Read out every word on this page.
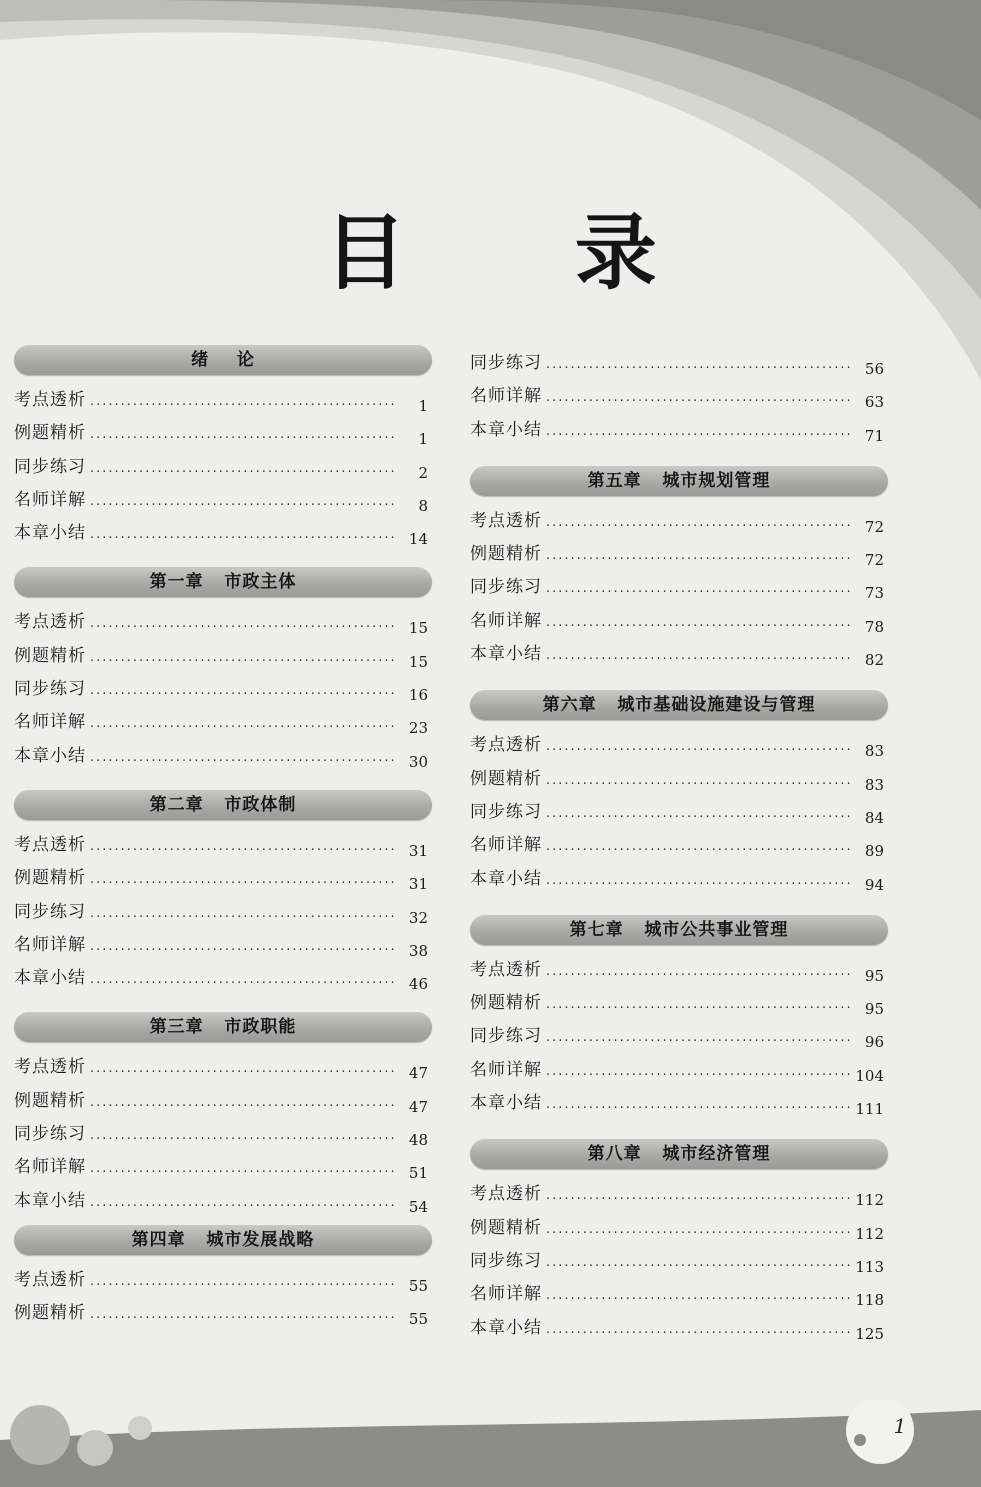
目 录
绪    论
考点透析 .....	1
例题精析 .....	1
同步练习 .....	2
名师详解 .....	8
本章小结 .....	14
第一章   市政主体
考点透析 .....	15
例题精析 .....	15
同步练习 .....	16
名师详解 .....	23
本章小结 .....	30
第二章   市政体制
考点透析 .....	31
例题精析 .....	31
同步练习 .....	32
名师详解 .....	38
本章小结 .....	46
第三章   市政职能
考点透析 .....	47
例题精析 .....	47
同步练习 .....	48
名师详解 .....	51
本章小结 .....	54
第四章   城市发展战略
考点透析 .....	55
例题精析 .....	55
同步练习 .....	56
名师详解 .....	63
本章小结 .....	71
第五章   城市规划管理
考点透析 .....	72
例题精析 .....	72
同步练习 .....	73
名师详解 .....	78
本章小结 .....	82
第六章   城市基础设施建设与管理
考点透析 .....	83
例题精析 .....	83
同步练习 .....	84
名师详解 .....	89
本章小结 .....	94
第七章   城市公共事业管理
考点透析 .....	95
例题精析 .....	95
同步练习 .....	96
名师详解 .....	104
本章小结 .....	111
第八章   城市经济管理
考点透析 .....	112
例题精析 .....	112
同步练习 .....	113
名师详解 .....	118
本章小结 .....	125
1
